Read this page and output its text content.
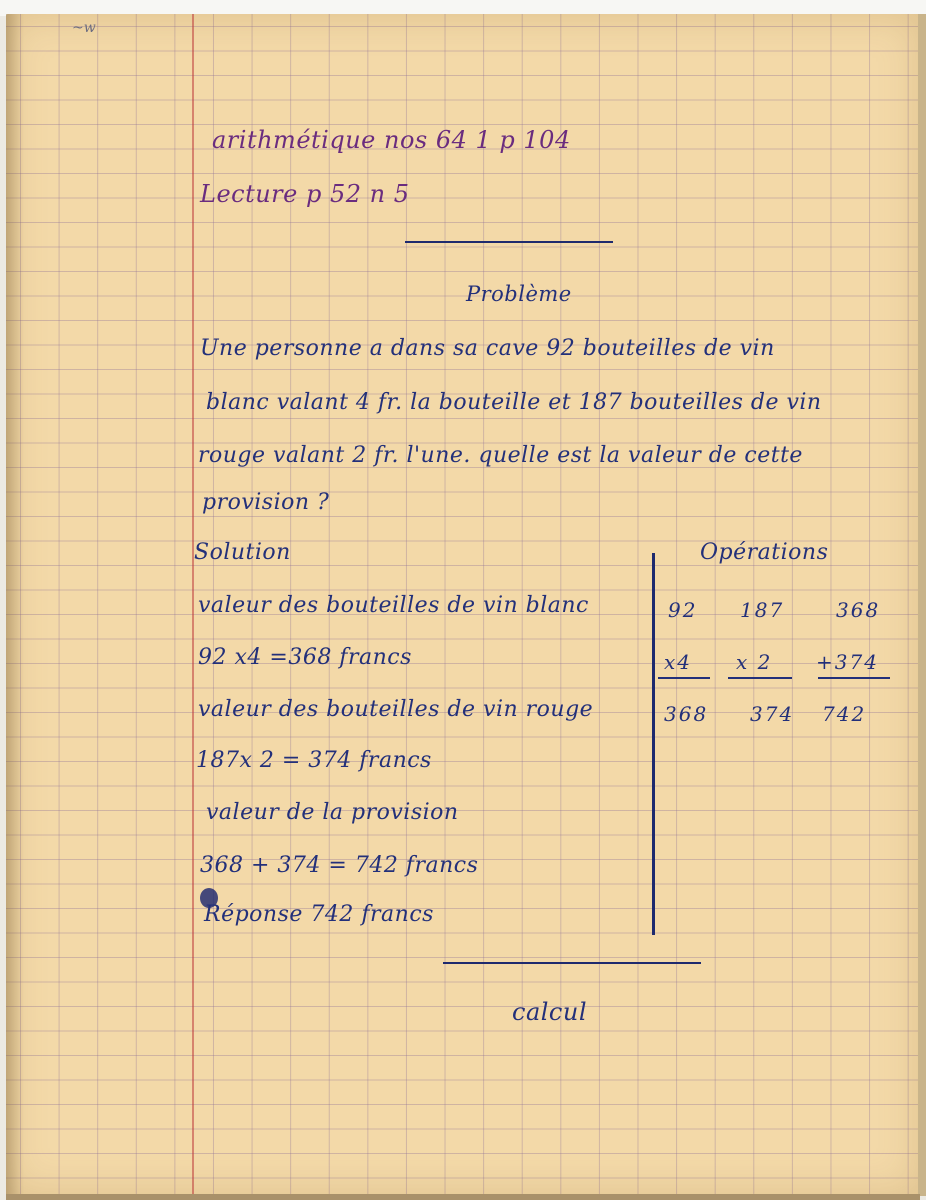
~w
arithmétique nos 64 1 p 104
Lecture p 52 n 5
Problème
Une personne a dans sa cave 92 bouteilles de vin
blanc valant 4 fr. la bouteille et 187 bouteilles de vin
rouge valant 2 fr. l'une. quelle est la valeur de cette
provision ?
Solution
valeur des bouteilles de vin blanc
92 x4 =368 francs
valeur des bouteilles de vin rouge
187x 2 = 374 francs
valeur de la provision
368 + 374 = 742 francs
Réponse 742 francs
Opérations
92
x4
368
187
x 2
374
368
+374
742
calcul
